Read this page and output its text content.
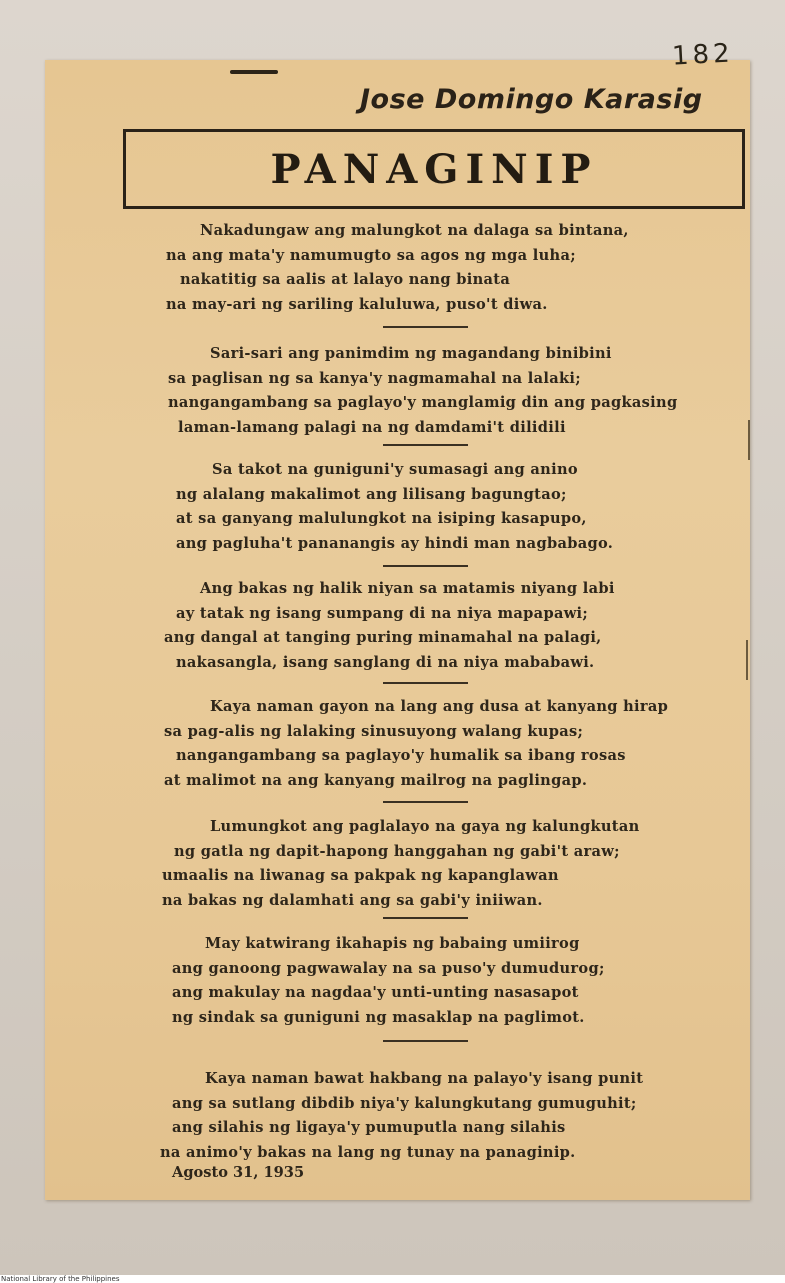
182
Jose Domingo Karasig
PANAGINIP
Nakadungaw ang malungkot na dalaga sa bintana,
na ang mata'y namumugto sa agos ng mga luha;
nakatitig sa aalis at lalayo nang binata
na may-ari ng sariling kaluluwa, puso't diwa.
Sari-sari ang panimdim ng magandang binibini
sa paglisan ng sa kanya'y nagmamahal na lalaki;
nangangambang sa paglayo'y manglamig din ang pagkasing
laman-lamang palagi na ng damdami't dilidili
Sa takot na guniguni'y sumasagi ang anino
ng alalang makalimot ang lilisang bagungtao;
at sa ganyang malulungkot na isiping kasapupo,
ang pagluha't pananangis ay hindi man nagbabago.
Ang bakas ng halik niyan sa matamis niyang labi
ay tatak ng isang sumpang di na niya mapapawi;
ang dangal at tanging puring minamahal na palagi,
nakasangla, isang sanglang di na niya mababawi.
Kaya naman gayon na lang ang dusa at kanyang hirap
sa pag-alis ng lalaking sinusuyong walang kupas;
nangangambang sa paglayo'y humalik sa ibang rosas
at malimot na ang kanyang mailrog na paglingap.
Lumungkot ang paglalayo na gaya ng kalungkutan
ng gatla ng dapit-hapong hanggahan ng gabi't araw;
umaalis na liwanag sa pakpak ng kapanglawan
na bakas ng dalamhati ang sa gabi'y iniiwan.
May katwirang ikahapis ng babaing umiirog
ang ganoong pagwawalay na sa puso'y dumudurog;
ang makulay na nagdaa'y unti-unting nasasapot
ng sindak sa guniguni ng masaklap na paglimot.
Kaya naman bawat hakbang na palayo'y isang punit
ang sa sutlang dibdib niya'y kalungkutang gumuguhit;
ang silahis ng ligaya'y pumuputla nang silahis
na animo'y bakas na lang ng tunay na panaginip.
Agosto 31, 1935
National Library of the Philippines
